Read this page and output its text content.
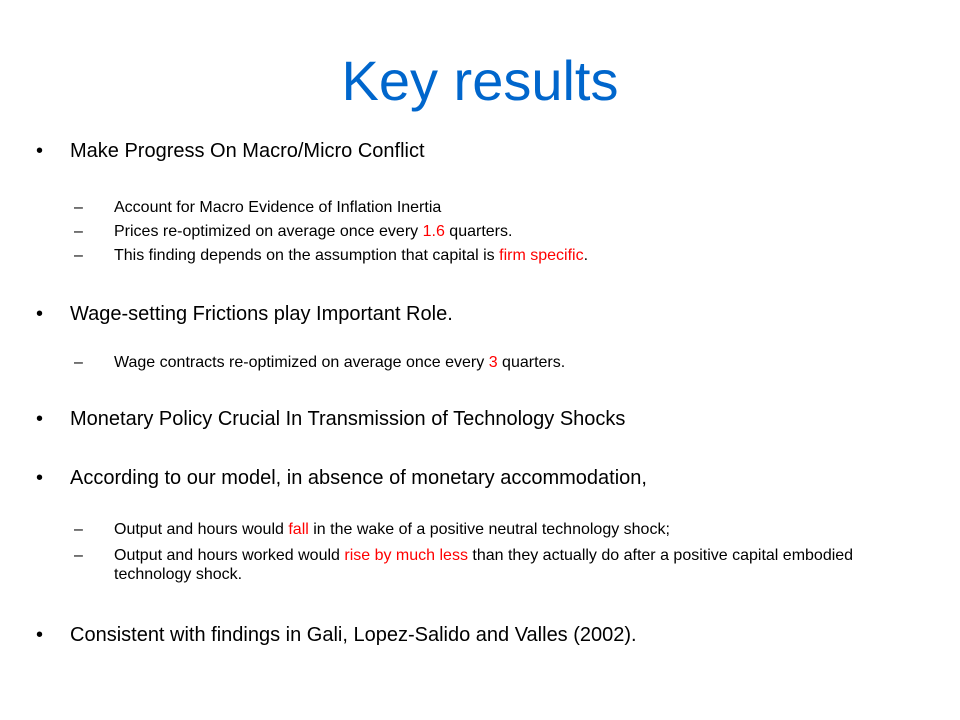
Key results
• Make Progress On Macro/Micro Conflict
– Account for Macro Evidence of Inflation Inertia
– Prices re-optimized on average once every 1.6 quarters.
– This finding depends on the assumption that capital is firm specific.
• Wage-setting Frictions play Important Role.
– Wage contracts re-optimized on average once every 3 quarters.
• Monetary Policy Crucial In Transmission of Technology Shocks
• According to our model, in absence of monetary accommodation,
– Output and hours would fall in the wake of a positive neutral technology shock;
– Output and hours worked would rise by much less than they actually do after a positive capital embodied technology shock.
• Consistent with findings in Gali, Lopez-Salido and Valles (2002).
